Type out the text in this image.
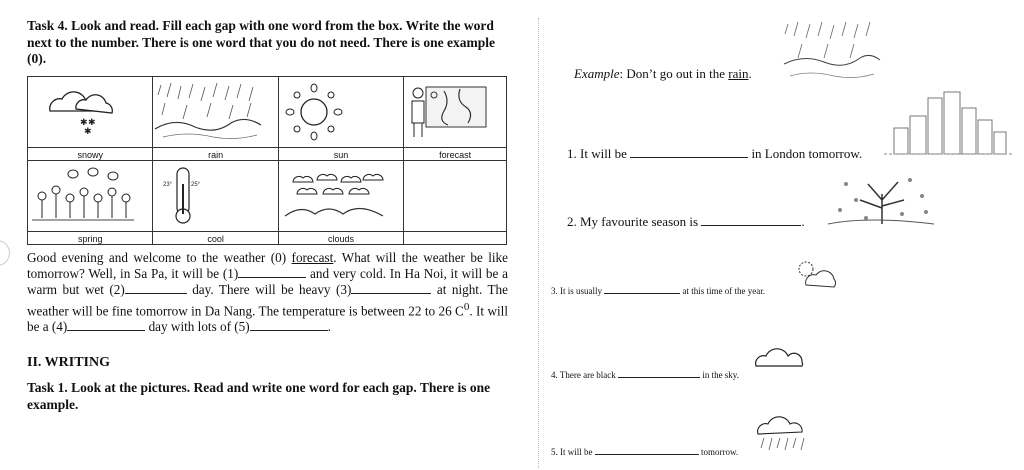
Task 4. Look and read. Fill each gap with one word from the box. Write the word next to the number. There is one word that you do not need. There is one example (0).
✱ ✱
✱

snowy	rain	sun	forecast

23° 25°

spring	cool	clouds	
Good evening and welcome to the weather (0) forecast. What will the weather be like tomorrow? Well, in Sa Pa, it will be (1)	and very cold. In Ha Noi, it will be a warm but wet (2)	day. There will be heavy (3)	at night. The weather will be fine tomorrow in Da Nang. The temperature is between 22 to 26 $C^0$. It will be a (4)	day with lots of (5)	.
II. WRITING
Task 1. Look at the pictures. Read and write one word for each gap. There is one example.
Example: Don’t go out in the rain.
1. It will be	in London tomorrow.
2. My favourite season is	.
3. It is usually	at this time of the year.
4. There are black	in the sky.
5. It will be	tomorrow.
